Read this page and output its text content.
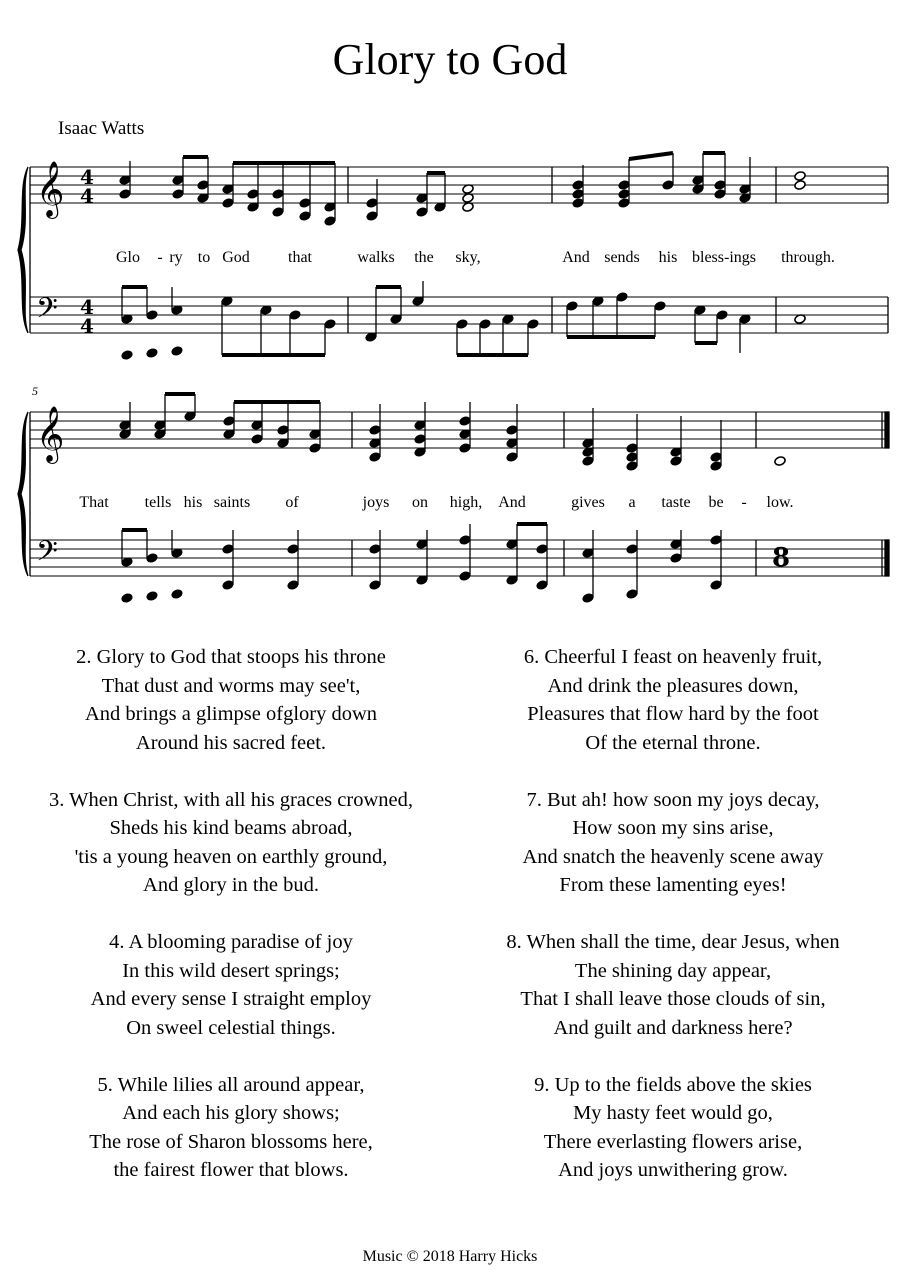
Glory to God
Isaac Watts
𝄞
𝄢
4
4
4
4
𝄞
𝄢	8
Glo - ry to God that	walks the sky,	And sends his bless-ings through.
That tells his saints of	joys on high, And	gives a taste be - low.
5
2. Glory to God that stoops his throne
That dust and worms may see't,
And brings a glimpse ofglory down
Around his sacred feet.
3. When Christ, with all his graces crowned,
Sheds his kind beams abroad,
'tis a young heaven on earthly ground,
And glory in the bud.
4. A blooming paradise of joy
In this wild desert springs;
And every sense I straight employ
On sweel celestial things.
5. While lilies all around appear,
And each his glory shows;
The rose of Sharon blossoms here,
the fairest flower that blows.
6. Cheerful I feast on heavenly fruit,
And drink the pleasures down,
Pleasures that flow hard by the foot
Of the eternal throne.
7. But ah! how soon my joys decay,
How soon my sins arise,
And snatch the heavenly scene away
From these lamenting eyes!
8. When shall the time, dear Jesus, when
The shining day appear,
That I shall leave those clouds of sin,
And guilt and darkness here?
9. Up to the fields above the skies
My hasty feet would go,
There everlasting flowers arise,
And joys unwithering grow.
Music © 2018 Harry Hicks
